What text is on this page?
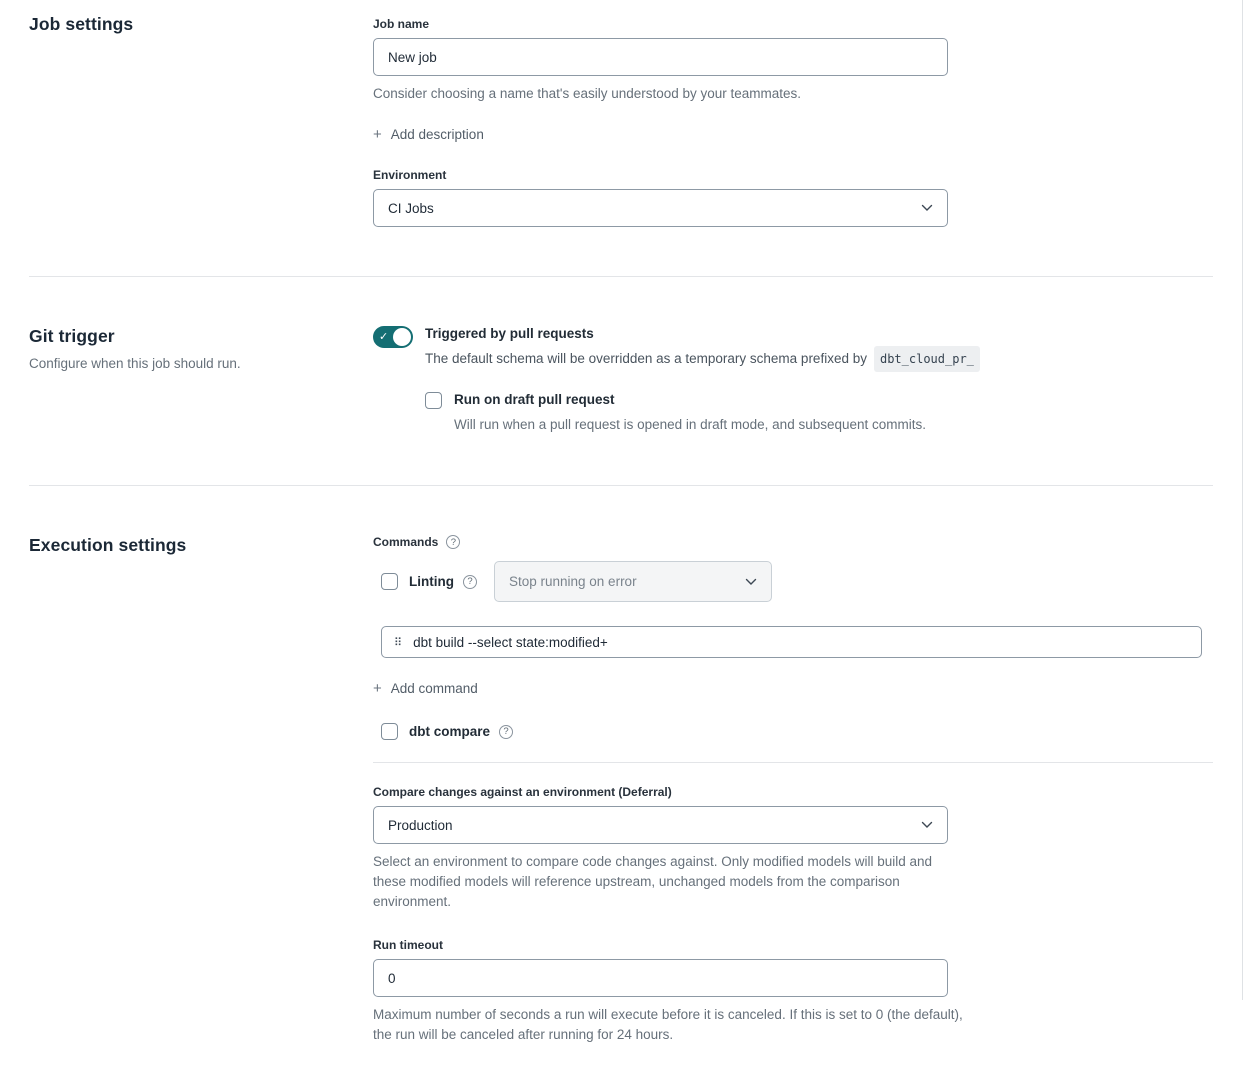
Job settings	Job name
New job
Consider choosing a name that's easily understood by your teammates.
+ Add description
Environment
CI Jobs
Git trigger
Configure when this job should run.
✓	Triggered by pull requests
The default schema will be overridden as a temporary schema prefixed by	dbt_cloud_pr_
Run on draft pull request
Will run when a pull request is opened in draft mode, and subsequent commits.
Execution settings	Commands	?
Linting	?	Stop running on error
⠿
dbt build --select state:modified+
+ Add command
dbt compare	?
Compare changes against an environment (Deferral)
Production
Select an environment to compare code changes against. Only modified models will build and these modified models will reference upstream, unchanged models from the comparison environment.
Run timeout
0
Maximum number of seconds a run will execute before it is canceled. If this is set to 0 (the default), the run will be canceled after running for 24 hours.
